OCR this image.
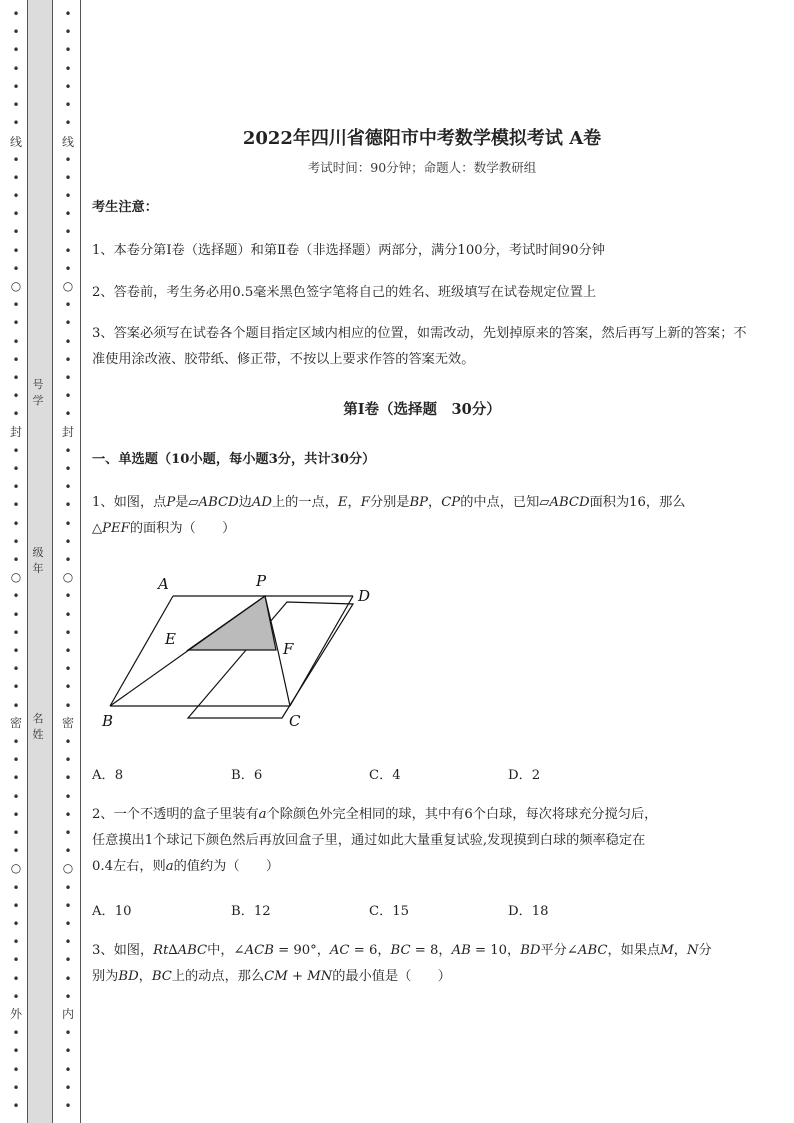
•
•
•
•
•
•
•
•
•
•
•
•
•
•
•
•
•
•
•
•
•
•
•
•
•
•
•
•
•
•
•
•
•
•
•
•
•
•
•
•
•
•
•
•
•
•
•
•
•
•
•
•
•
•
•
•
•
•
•
•
•
•
•
•
•
•
•
•
•
•
•
•
•
•
•
•
•
•
•
•
•
•
•
•
•
•
•
•
•
•
•
•
•
•
•
•
•
•
•
•
•
•
•
•
•
•
•
•
线
○
封
○
密
○
外
线
○
封
○
密
○
内
号学
级年
名姓
2022年四川省德阳市中考数学模拟考试 A卷
考试时间：90分钟；命题人：数学教研组
考生注意：
1、本卷分第I卷（选择题）和第Ⅱ卷（非选择题）两部分，满分100分，考试时间90分钟
2、答卷前，考生务必用0.5毫米黑色签字笔将自己的姓名、班级填写在试卷规定位置上
3、答案必须写在试卷各个题目指定区域内相应的位置，如需改动，先划掉原来的答案，然后再写上新的答案；不准使用涂改液、胶带纸、修正带，不按以上要求作答的答案无效。
第I卷（选择题　30分）
一、单选题（10小题，每小题3分，共计30分）
1、如图，点P是▱ABCD边AD上的一点，E，F分别是BP，CP的中点，已知▱ABCD面积为16，那么
△PEF的面积为（　　）
A	P
D
E
F
B	C
A．8	B．6	C．4	D．2
2、一个不透明的盒子里装有a个除颜色外完全相同的球，其中有6个白球，每次将球充分搅匀后，
任意摸出1个球记下颜色然后再放回盒子里，通过如此大量重复试验,发现摸到白球的频率稳定在
0.4左右，则a的值约为（　　）
A．10	B．12	C．15	D．18
3、如图，Rt∆ABC中，∠ACB = 90°，AC = 6，BC = 8，AB = 10，BD平分∠ABC，如果点M，N分
别为BD，BC上的动点，那么CM + MN的最小值是（　　）
